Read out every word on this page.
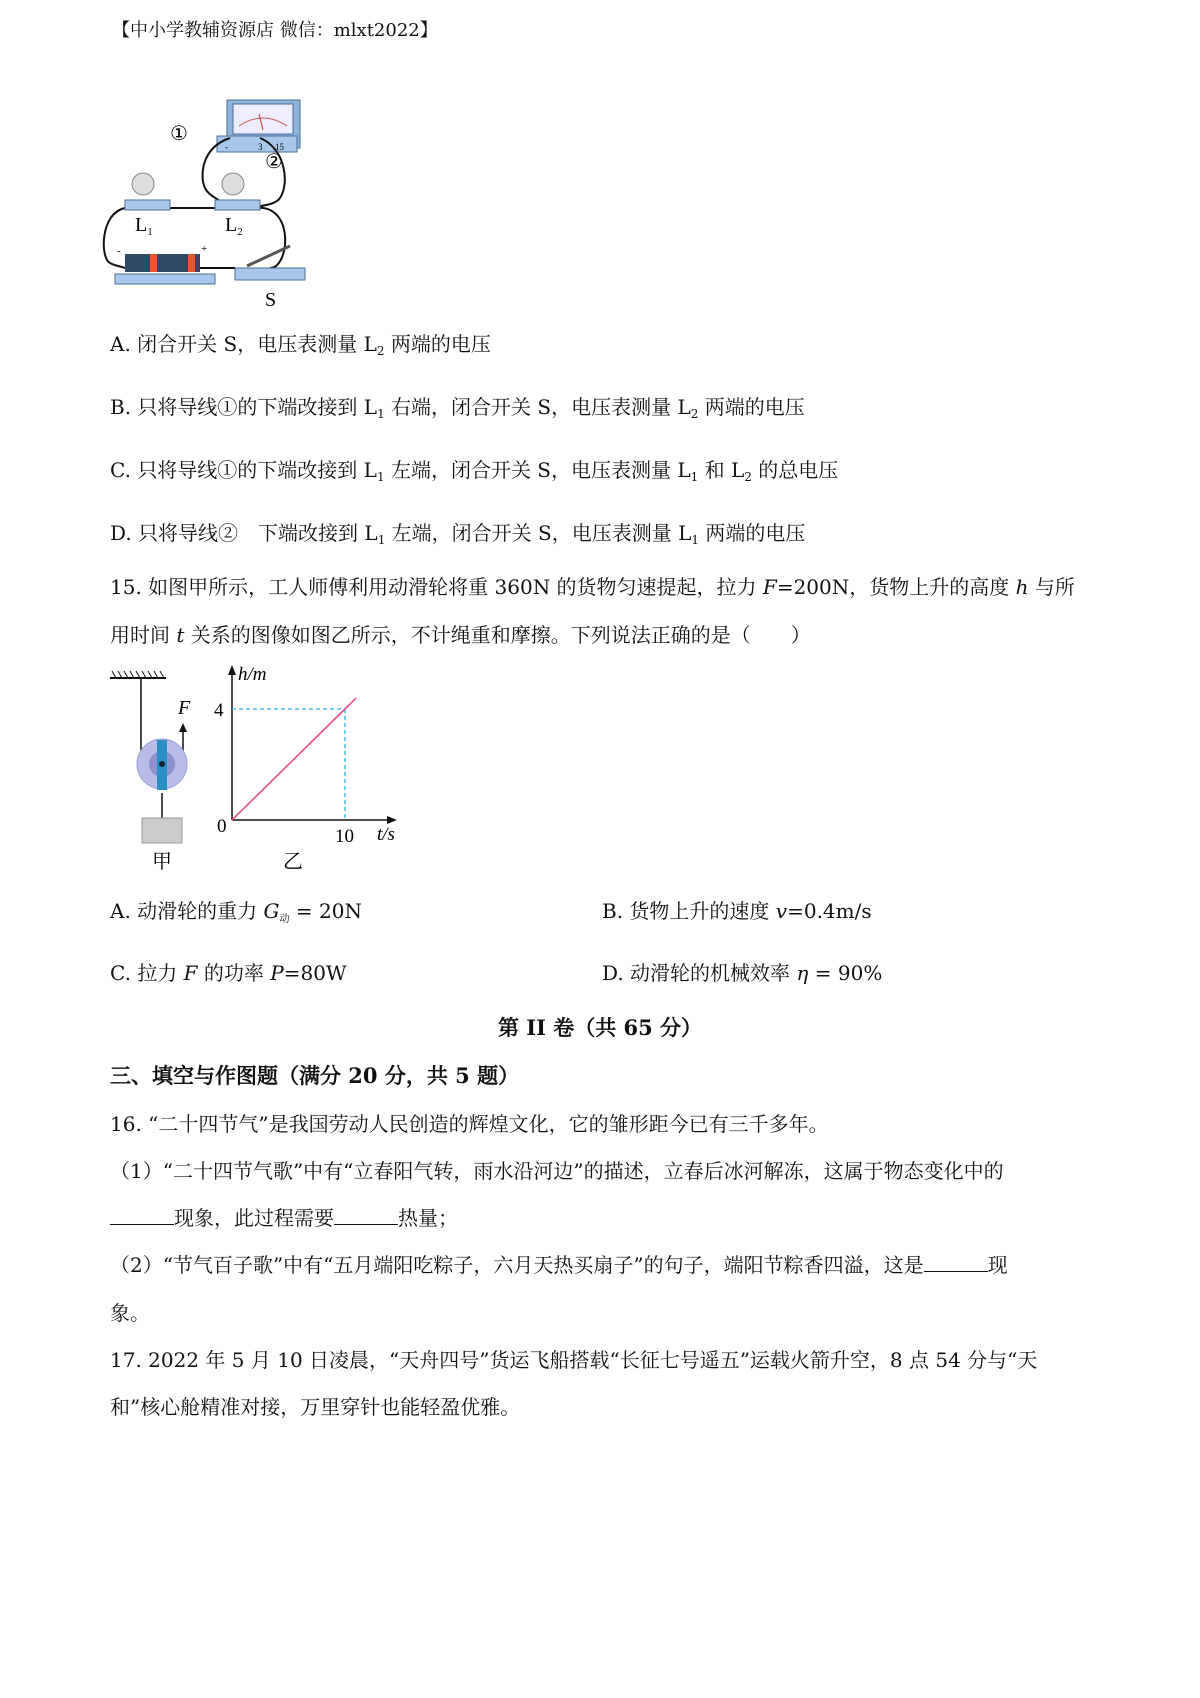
【中小学教辅资源店 微信：mlxt2022】
-	3 15
-	+
①
②
$L_1$	$L_2$
S
A. 闭合开关 S，电压表测量 $L_2$ 两端的电压
B. 只将导线①的下端改接到 $L_1$ 右端，闭合开关 S，电压表测量 $L_2$ 两端的电压
C. 只将导线①的下端改接到 $L_1$ 左端，闭合开关 S，电压表测量 $L_1$ 和 $L_2$ 的总电压
D. 只将导线②　下端改接到 $L_1$ 左端，闭合开关 S，电压表测量 $L_1$ 两端的电压
15. 如图甲所示，工人师傅利用动滑轮将重 360N 的货物匀速提起，拉力 F=200N，货物上升的高度 h 与所
用时间 t 关系的图像如图乙所示，不计绳重和摩擦。下列说法正确的是（　　）
F
甲
h/m
t/s
0
4
10
乙
A. 动滑轮的重力 $G_动 = 20N$	B. 货物上升的速度 v=0.4m/s
C. 拉力 F 的功率 P=80W	D. 动滑轮的机械效率 η = 90%
第 II 卷（共 65 分）
三、填空与作图题（满分 20 分，共 5 题）
16. “二十四节气”是我国劳动人民创造的辉煌文化，它的雏形距今已有三千多年。
（1）“二十四节气歌”中有“立春阳气转，雨水沿河边”的描述，立春后冰河解冻，这属于物态变化中的
现象，此过程需要	热量；
（2）“节气百子歌”中有“五月端阳吃粽子，六月天热买扇子”的句子，端阳节粽香四溢，这是	现
象。
17. 2022 年 5 月 10 日凌晨，“天舟四号”货运飞船搭载“长征七号遥五”运载火箭升空，8 点 54 分与“天
和”核心舱精准对接，万里穿针也能轻盈优雅。
